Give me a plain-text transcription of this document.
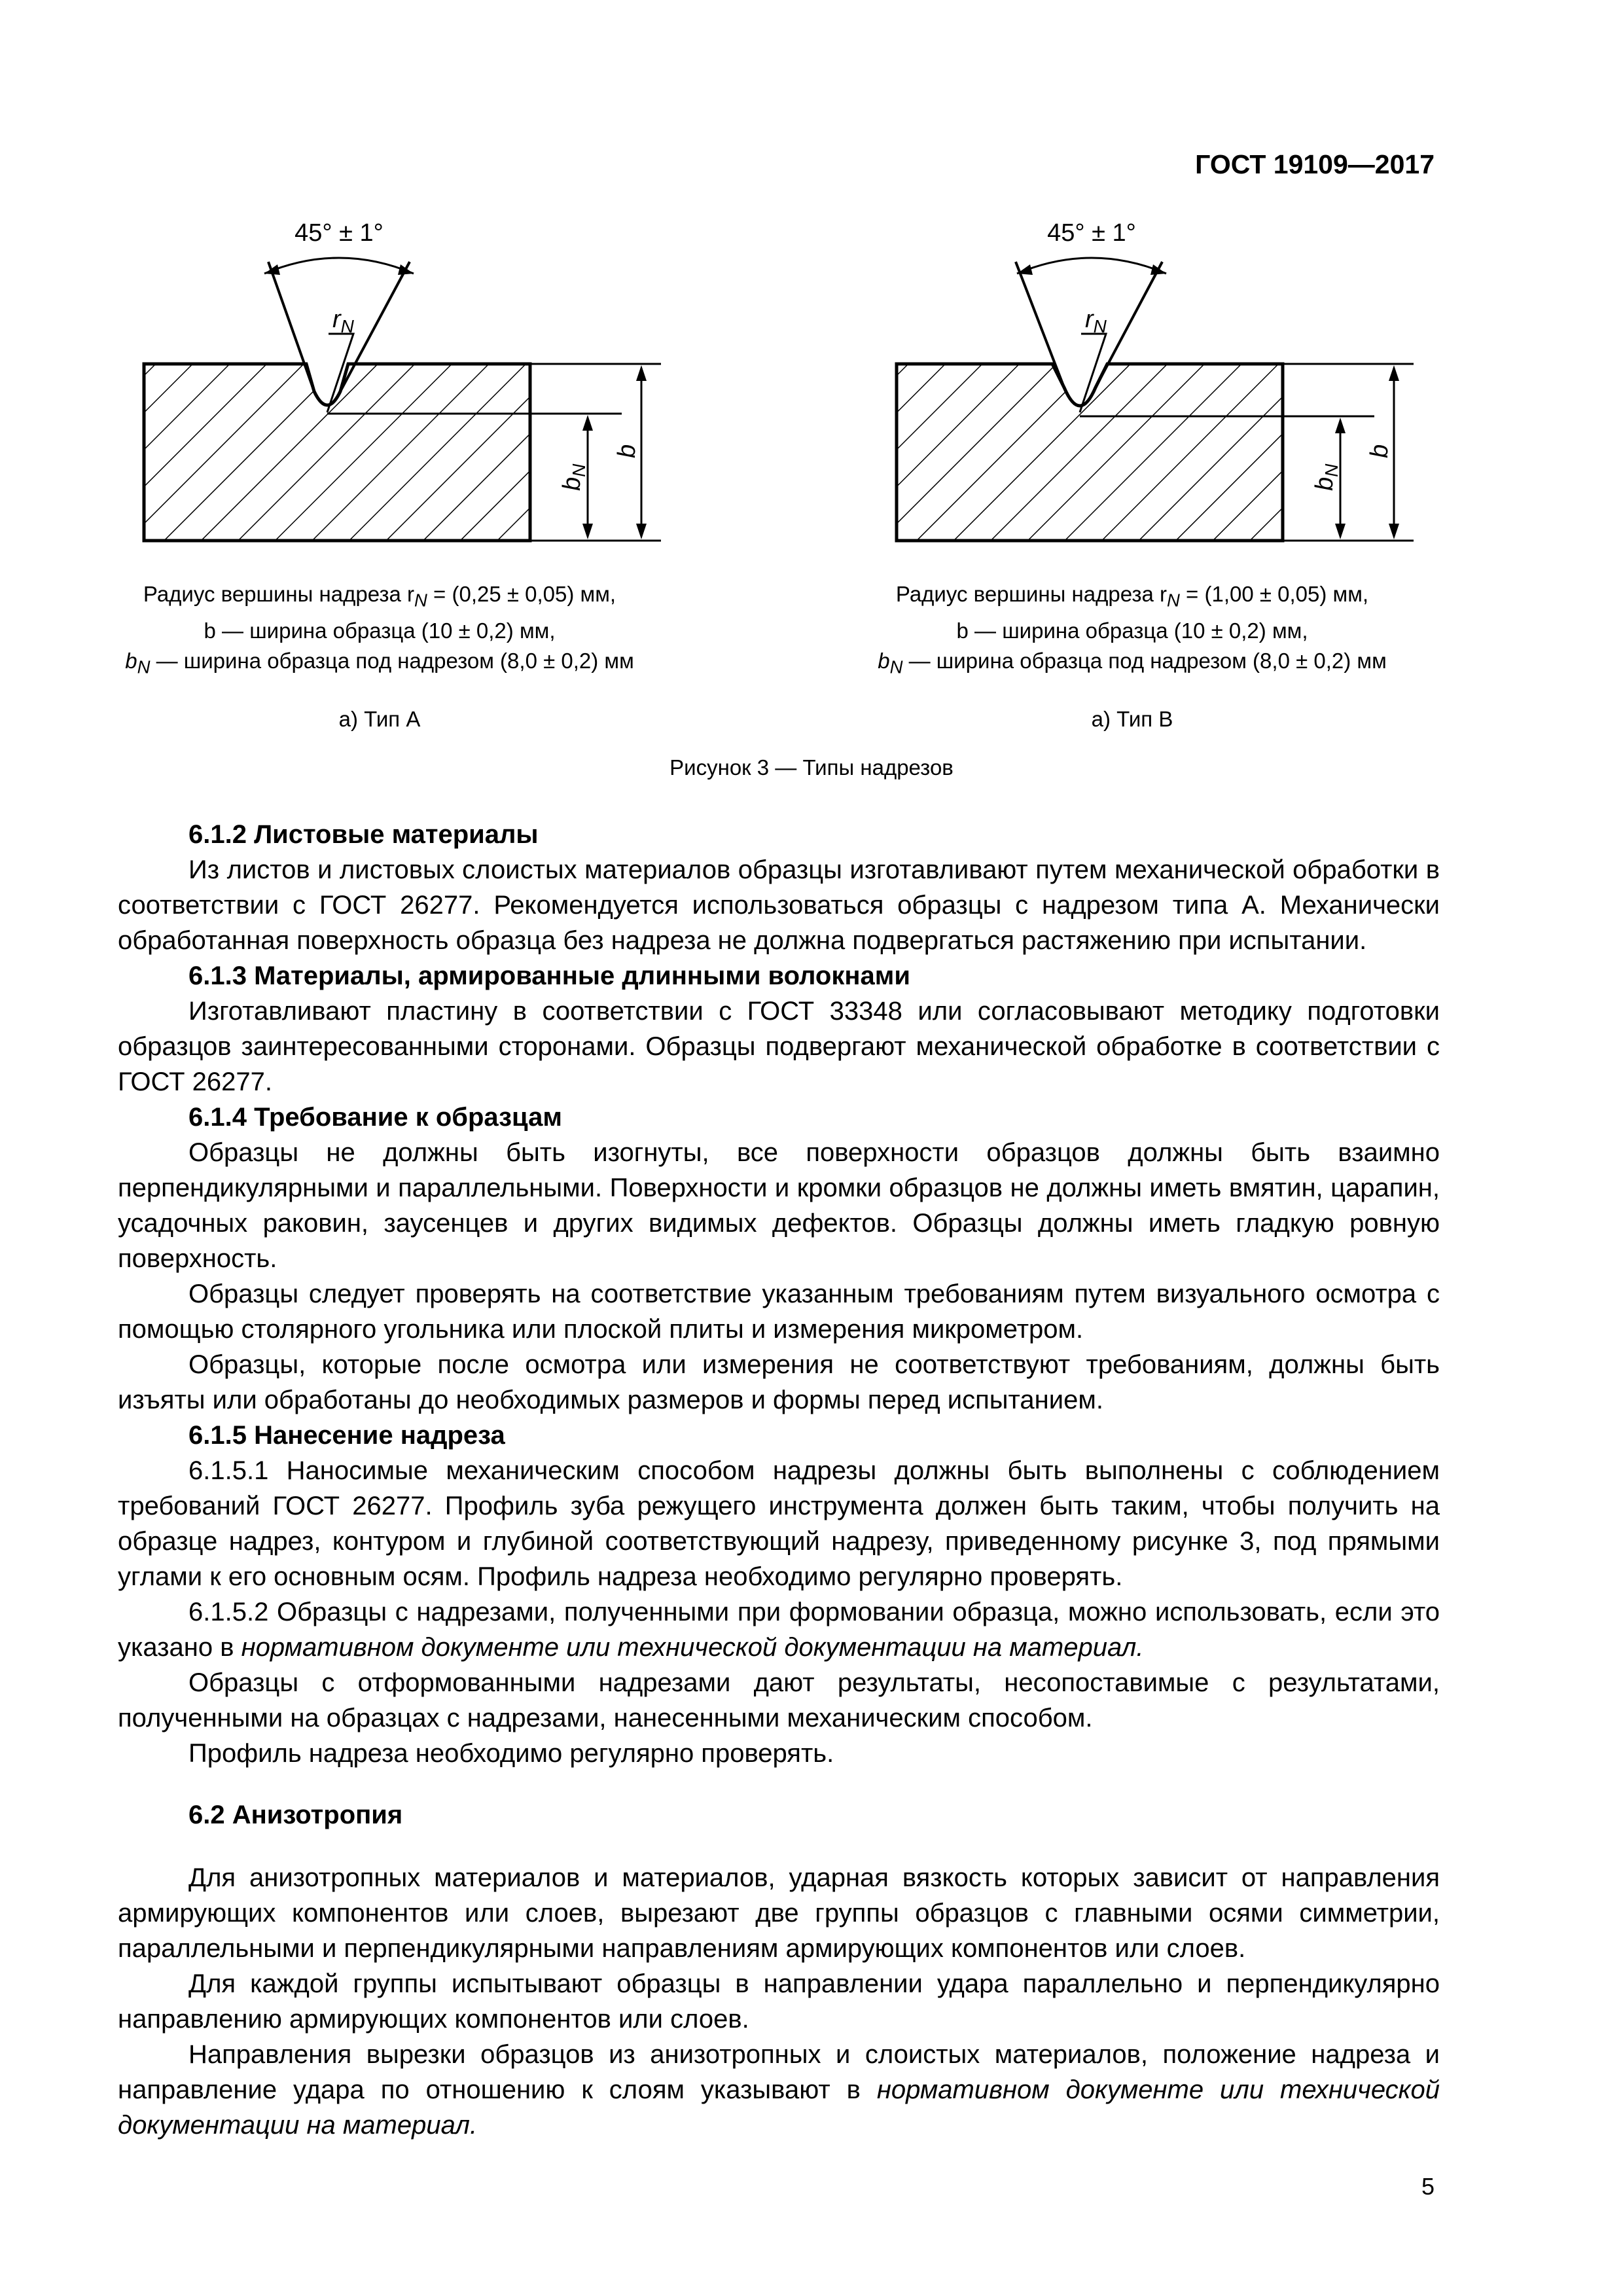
ГОСТ 19109—2017
45° ± 1°
$r_N$
b
$b_N$
Радиус вершины надреза $r_N = (0,25 \pm 0,05)$ мм,
b — ширина образца (10 ± 0,2) мм,
$b_N$ — ширина образца под надрезом (8,0 ± 0,2) мм
а) Тип А
45° ± 1°
$r_N$
b
$b_N$
Радиус вершины надреза $r_N = (1,00 \pm 0,05)$ мм,
b — ширина образца (10 ± 0,2) мм,
$b_N$ — ширина образца под надрезом (8,0 ± 0,2) мм
а) Тип В
Рисунок 3 — Типы надрезов

6.1.2 Листовые материалы

Из листов и листовых слоистых материалов образцы изготавливают путем механической обработки в соответствии с ГОСТ 26277. Рекомендуется использоваться образцы с надрезом типа А. Механически обработанная поверхность образца без надреза не должна подвергаться растяжению при испытании.

6.1.3 Материалы, армированные длинными волокнами

Изготавливают пластину в соответствии с ГОСТ 33348 или согласовывают методику подготовки образцов заинтересованными сторонами. Образцы подвергают механической обработке в соответствии с ГОСТ 26277.

6.1.4 Требование к образцам

Образцы не должны быть изогнуты, все поверхности образцов должны быть взаимно перпендикулярными и параллельными. Поверхности и кромки образцов не должны иметь вмятин, царапин, усадочных раковин, заусенцев и других видимых дефектов. Образцы должны иметь гладкую ровную поверхность.

Образцы следует проверять на соответствие указанным требованиям путем визуального осмотра с помощью столярного угольника или плоской плиты и измерения микрометром.

Образцы, которые после осмотра или измерения не соответствуют требованиям, должны быть изъяты или обработаны до необходимых размеров и формы перед испытанием.

6.1.5 Нанесение надреза

6.1.5.1 Наносимые механическим способом надрезы должны быть выполнены с соблюдением требований ГОСТ 26277. Профиль зуба режущего инструмента должен быть таким, чтобы получить на образце надрез, контуром и глубиной соответствующий надрезу, приведенному рисунке 3, под прямыми углами к его основным осям. Профиль надреза необходимо регулярно проверять.

6.1.5.2 Образцы с надрезами, полученными при формовании образца, можно использовать, если это указано в нормативном документе или технической документации на материал.

Образцы с отформованными надрезами дают результаты, несопоставимые с результатами, полученными на образцах с надрезами, нанесенными механическим способом.

Профиль надреза необходимо регулярно проверять.

6.2 Анизотропия

Для анизотропных материалов и материалов, ударная вязкость которых зависит от направления армирующих компонентов или слоев, вырезают две группы образцов с главными осями симметрии, параллельными и перпендикулярными направлениям армирующих компонентов или слоев.

Для каждой группы испытывают образцы в направлении удара параллельно и перпендикулярно направлению армирующих компонентов или слоев.

Направления вырезки образцов из анизотропных и слоистых материалов, положение надреза и направление удара по отношению к слоям указывают в нормативном документе или технической документации на материал.

5
